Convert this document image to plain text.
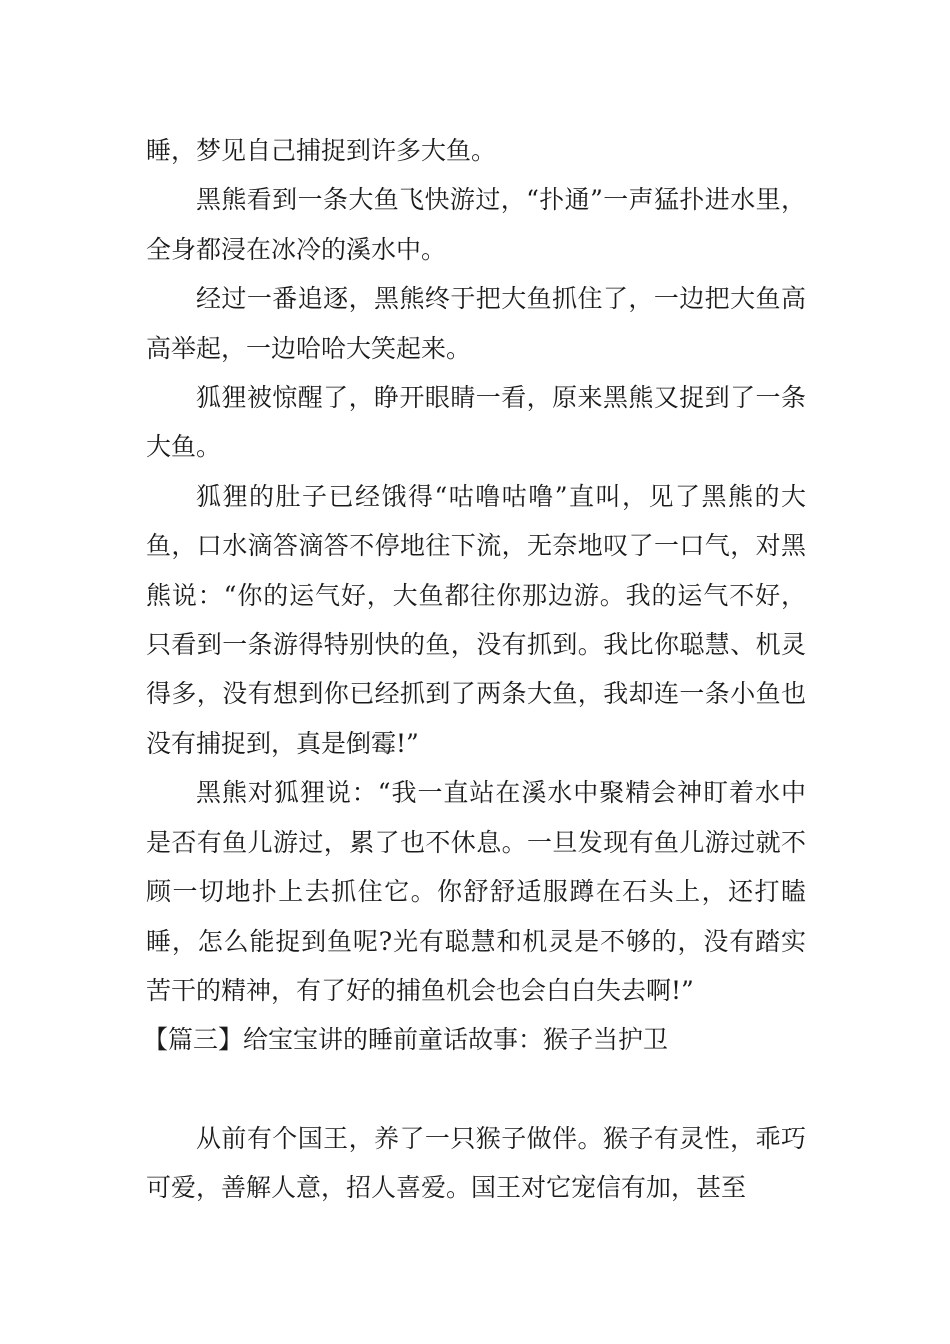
睡，梦见自己捕捉到许多大鱼。

黑熊看到一条大鱼飞快游过，“扑通”一声猛扑进水里，全身都浸在冰冷的溪水中。

经过一番追逐，黑熊终于把大鱼抓住了，一边把大鱼高高举起，一边哈哈大笑起来。

狐狸被惊醒了，睁开眼睛一看，原来黑熊又捉到了一条大鱼。

狐狸的肚子已经饿得“咕噜咕噜”直叫，见了黑熊的大鱼，口水滴答滴答不停地往下流，无奈地叹了一口气，对黑熊说：“你的运气好，大鱼都往你那边游。我的运气不好，只看到一条游得特别快的鱼，没有抓到。我比你聪慧、机灵得多，没有想到你已经抓到了两条大鱼，我却连一条小鱼也没有捕捉到，真是倒霉!”

黑熊对狐狸说：“我一直站在溪水中聚精会神盯着水中是否有鱼儿游过，累了也不休息。一旦发现有鱼儿游过就不顾一切地扑上去抓住它。你舒舒适服蹲在石头上，还打瞌睡，怎么能捉到鱼呢?光有聪慧和机灵是不够的，没有踏实苦干的精神，有了好的捕鱼机会也会白白失去啊!”

【篇三】给宝宝讲的睡前童话故事：猴子当护卫

从前有个国王，养了一只猴子做伴。猴子有灵性，乖巧可爱，善解人意，招人喜爱。国王对它宠信有加，甚至
